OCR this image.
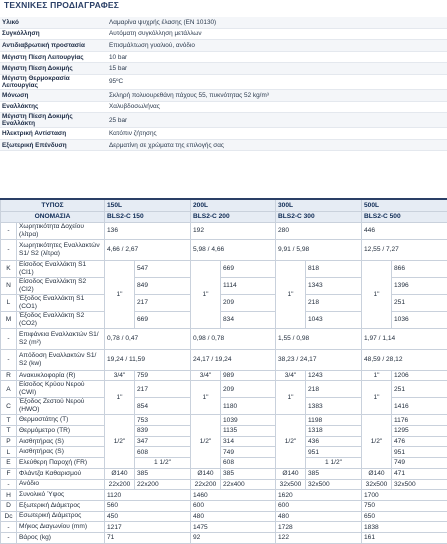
ΤΕΧΝΙΚΕΣ ΠΡΟΔΙΑΓΡΑΦΕΣ
Υλικό	Λαμαρίνα ψυχρής έλασης (EN 10130)
Συγκόλληση	Αυτόματη συγκόλληση μετάλλων
Αντιδιαβρωτική προστασία	Επισμάλτωση γυαλιού, ανόδιο
Μέγιστη Πίεση Λειτουργίας	10 bar
Μέγιστη Πίεση Δοκιμής	15 bar
Μέγιστη Θερμοκρασία Λειτουργίας	95ºC
Μόνωση	Σκληρή πολυουρεθάνη πάχους 55, πυκνότητας 52 kg/m³
Εναλλάκτης	Χαλυβδοσωλήνας
Μέγιστη Πίεση Δοκιμής Εναλλάκτη	25 bar
Ηλεκτρική Αντίσταση	Κατόπιν ζήτησης
Εξωτερική Επένδυση	Δερματίνη σε χρώματα της επιλογής σας
ΤΥΠΟΣ		150L		200L		300L		500L		
ΟΝΟΜΑΣΙΑ		BLS2-C 150		BLS2-C 200		BLS2-C 300		BLS2-C 500		
-	Χωρητικότητα Δοχείου (λίτρα)	136		192		280		446		
-	Χωρητικότητες Εναλλακτών S1/ S2 (λίτρα)	4,66 / 2,67		5,98 / 4,66		9,91 / 5,98		12,55 / 7,27		
K	Είσοδος Εναλλάκτη S1 (CI1)	1"	547	1"	669	1"	818	1"	866	
N	Είσοδος Εναλλάκτη S2 (CI2)		849		1114		1343		1396	
L	Έξοδος Εναλλάκτη S1 (CO1)		217		209		218		251	
M	Έξοδος Εναλλάκτη S2 (CO2)		669		834		1043		1036	
-	Επιφάνεια Εναλλακτών S1/ S2 (m²)	0,78 / 0,47		0,98 / 0,78		1,55 / 0,98		1,97 / 1,14		
-	Απόδοση Εναλλακτών S1/ S2 (kw)	19,24 / 11,59		24,17 / 19,24		38,23 / 24,17		48,59 / 28,12		
R	Ανακυκλοφορία (R)	3/4"	759	3/4"	989	3/4"	1243	1"	1206	
A	Είσοδος Κρύου Νερού (CWI)	1"	217	1"	209	1"	218	1"	251	
C	Έξοδος Ζεστού Νερού (HWO)		854		1180		1383		1416	
T	Θερμοστάτης (T)	1/2"	753	1/2"	1039	1/2"	1198	1/2"	1176	
T	Θερμόμετρο (TR)		839		1135		1318		1295	
P	Αισθητήρας (S)		347		314		436		476	
L	Αισθητήρας (S)		608		749		951		951	
E	Ελεύθερη Παροχή (FR)		1 1/2"		608		1 1/2"		749				
F	Φλάντζα Καθαρισμού	Ø140	385	Ø140	385	Ø140	385	Ø140	471	
-	Ανόδιο	22x200	22x200	22x200	22x400	32x500	32x500	32x500	32x500	
H	Συνολικό Ύψος	1120		1460		1620		1700		
D	Εξωτερική Διάμετρος	560		600		600		750		
Dc	Εσωτερική Διάμετρος	450		480		480		650		
-	Μήκος Διαγωνίου (mm)	1217		1475		1728		1838		
-	Βάρος (kg)	71		92		122		161		
